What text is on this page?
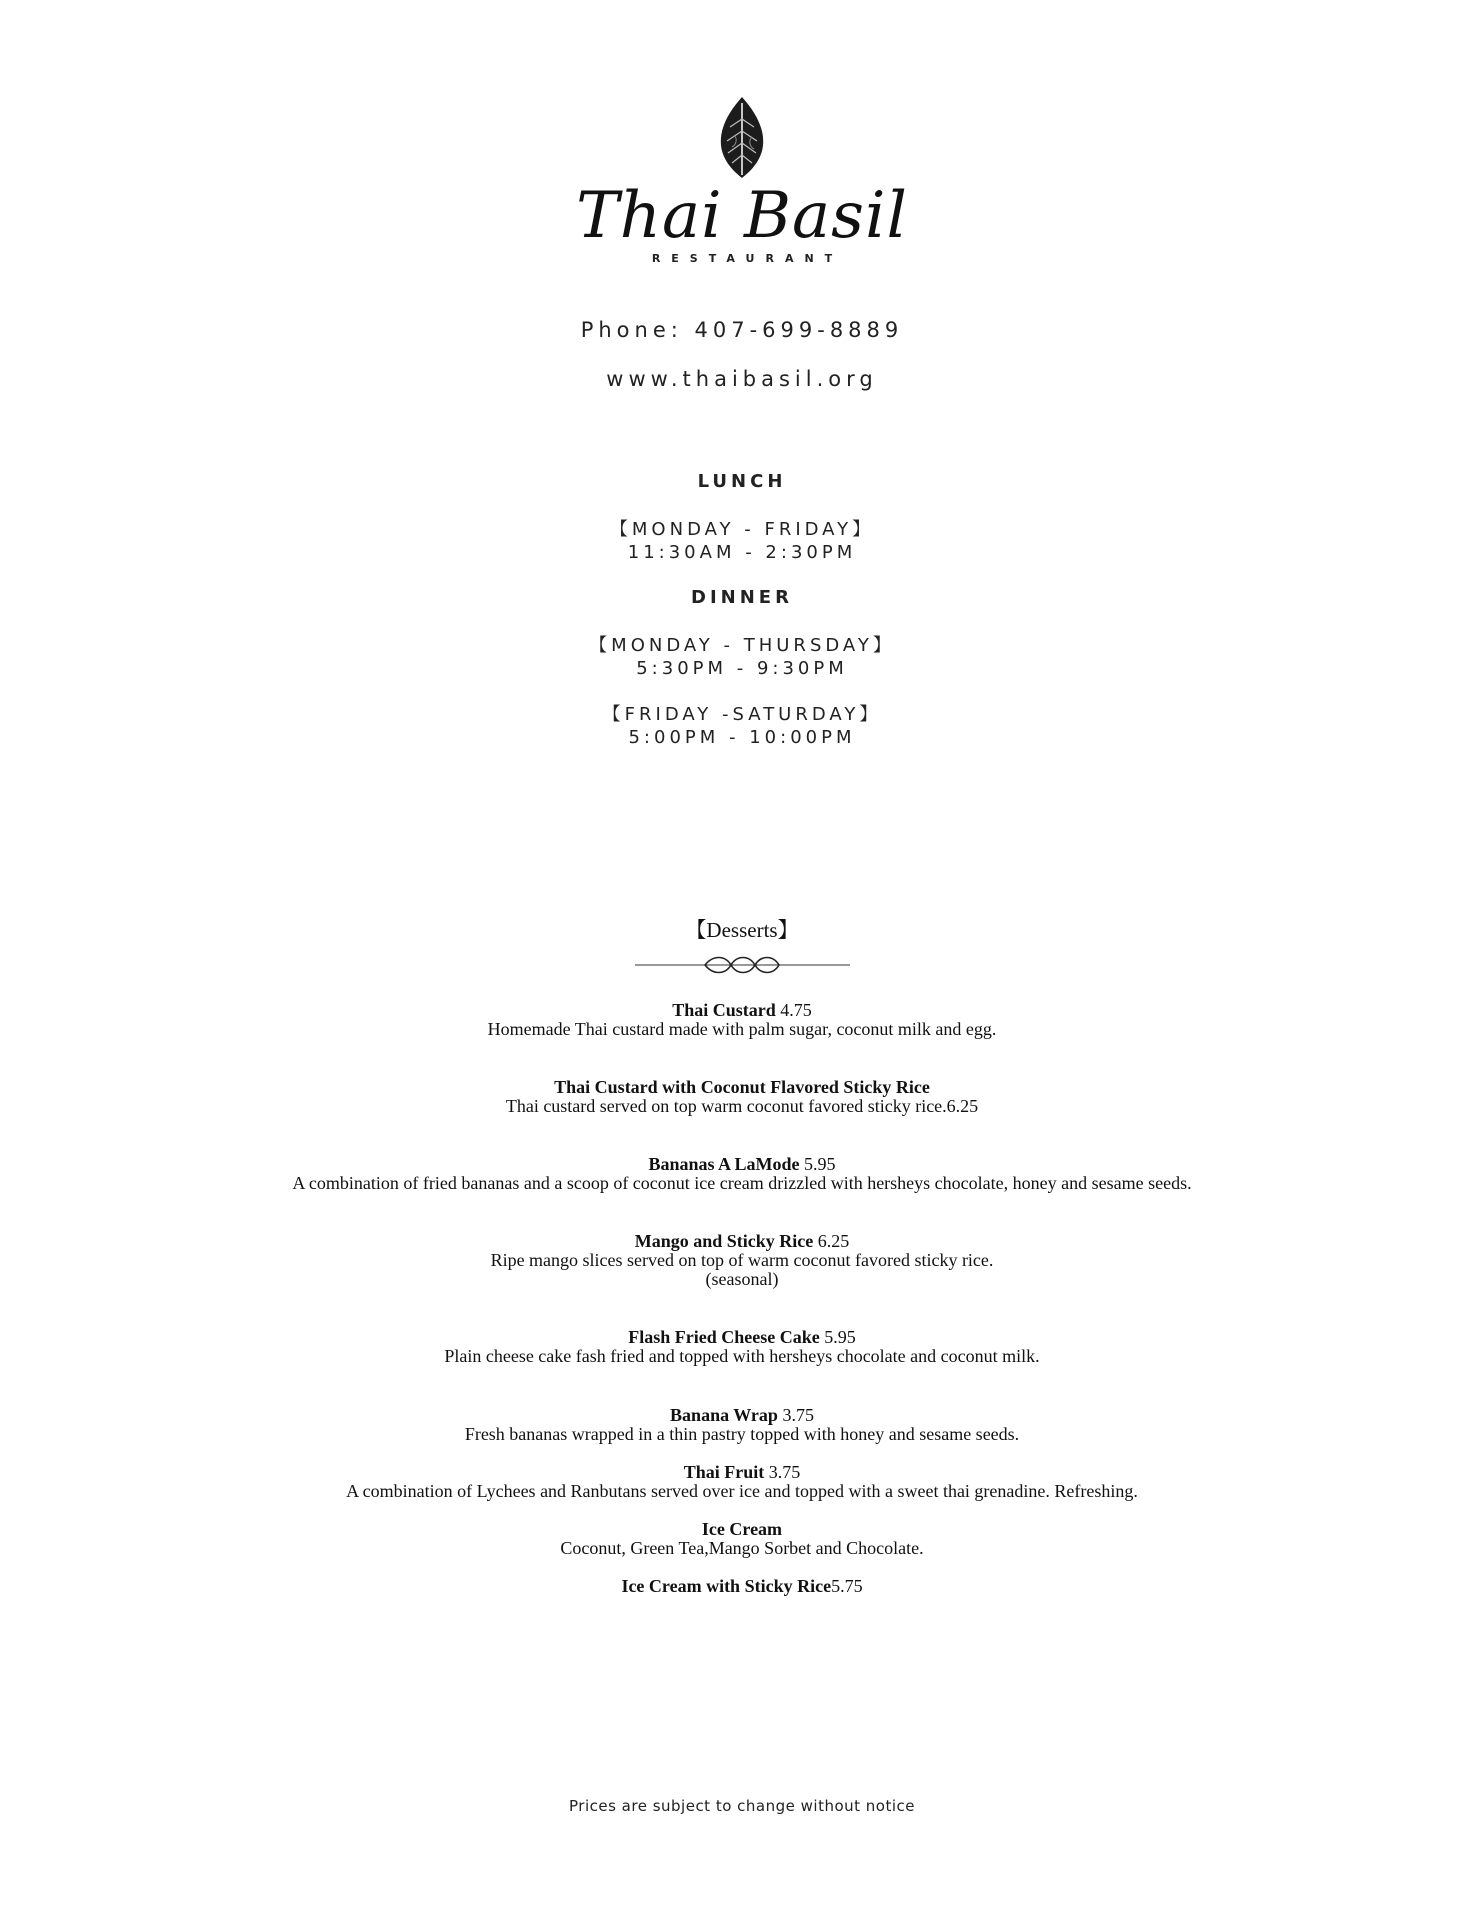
Thai Basil
RESTAURANT
Phone: 407-699-8889
www.thaibasil.org
LUNCH
【MONDAY - FRIDAY】
11:30AM - 2:30PM
DINNER
【MONDAY - THURSDAY】
5:30PM - 9:30PM
【FRIDAY -SATURDAY】
5:00PM - 10:00PM
【Desserts】
Thai Custard 4.75
Homemade Thai custard made with palm sugar, coconut milk and egg.
Thai Custard with Coconut Flavored Sticky Rice
Thai custard served on top warm coconut favored sticky rice.6.25
Bananas A LaMode 5.95
A combination of fried bananas and a scoop of coconut ice cream drizzled with hersheys chocolate, honey and sesame seeds.
Mango and Sticky Rice 6.25
Ripe mango slices served on top of warm coconut favored sticky rice.
(seasonal)
Flash Fried Cheese Cake 5.95
Plain cheese cake fash fried and topped with hersheys chocolate and coconut milk.
Banana Wrap 3.75
Fresh bananas wrapped in a thin pastry topped with honey and sesame seeds.
Thai Fruit 3.75
A combination of Lychees and Ranbutans served over ice and topped with a sweet thai grenadine. Refreshing.
Ice Cream
Coconut, Green Tea,Mango Sorbet and Chocolate.
Ice Cream with Sticky Rice5.75
Prices are subject to change without notice
